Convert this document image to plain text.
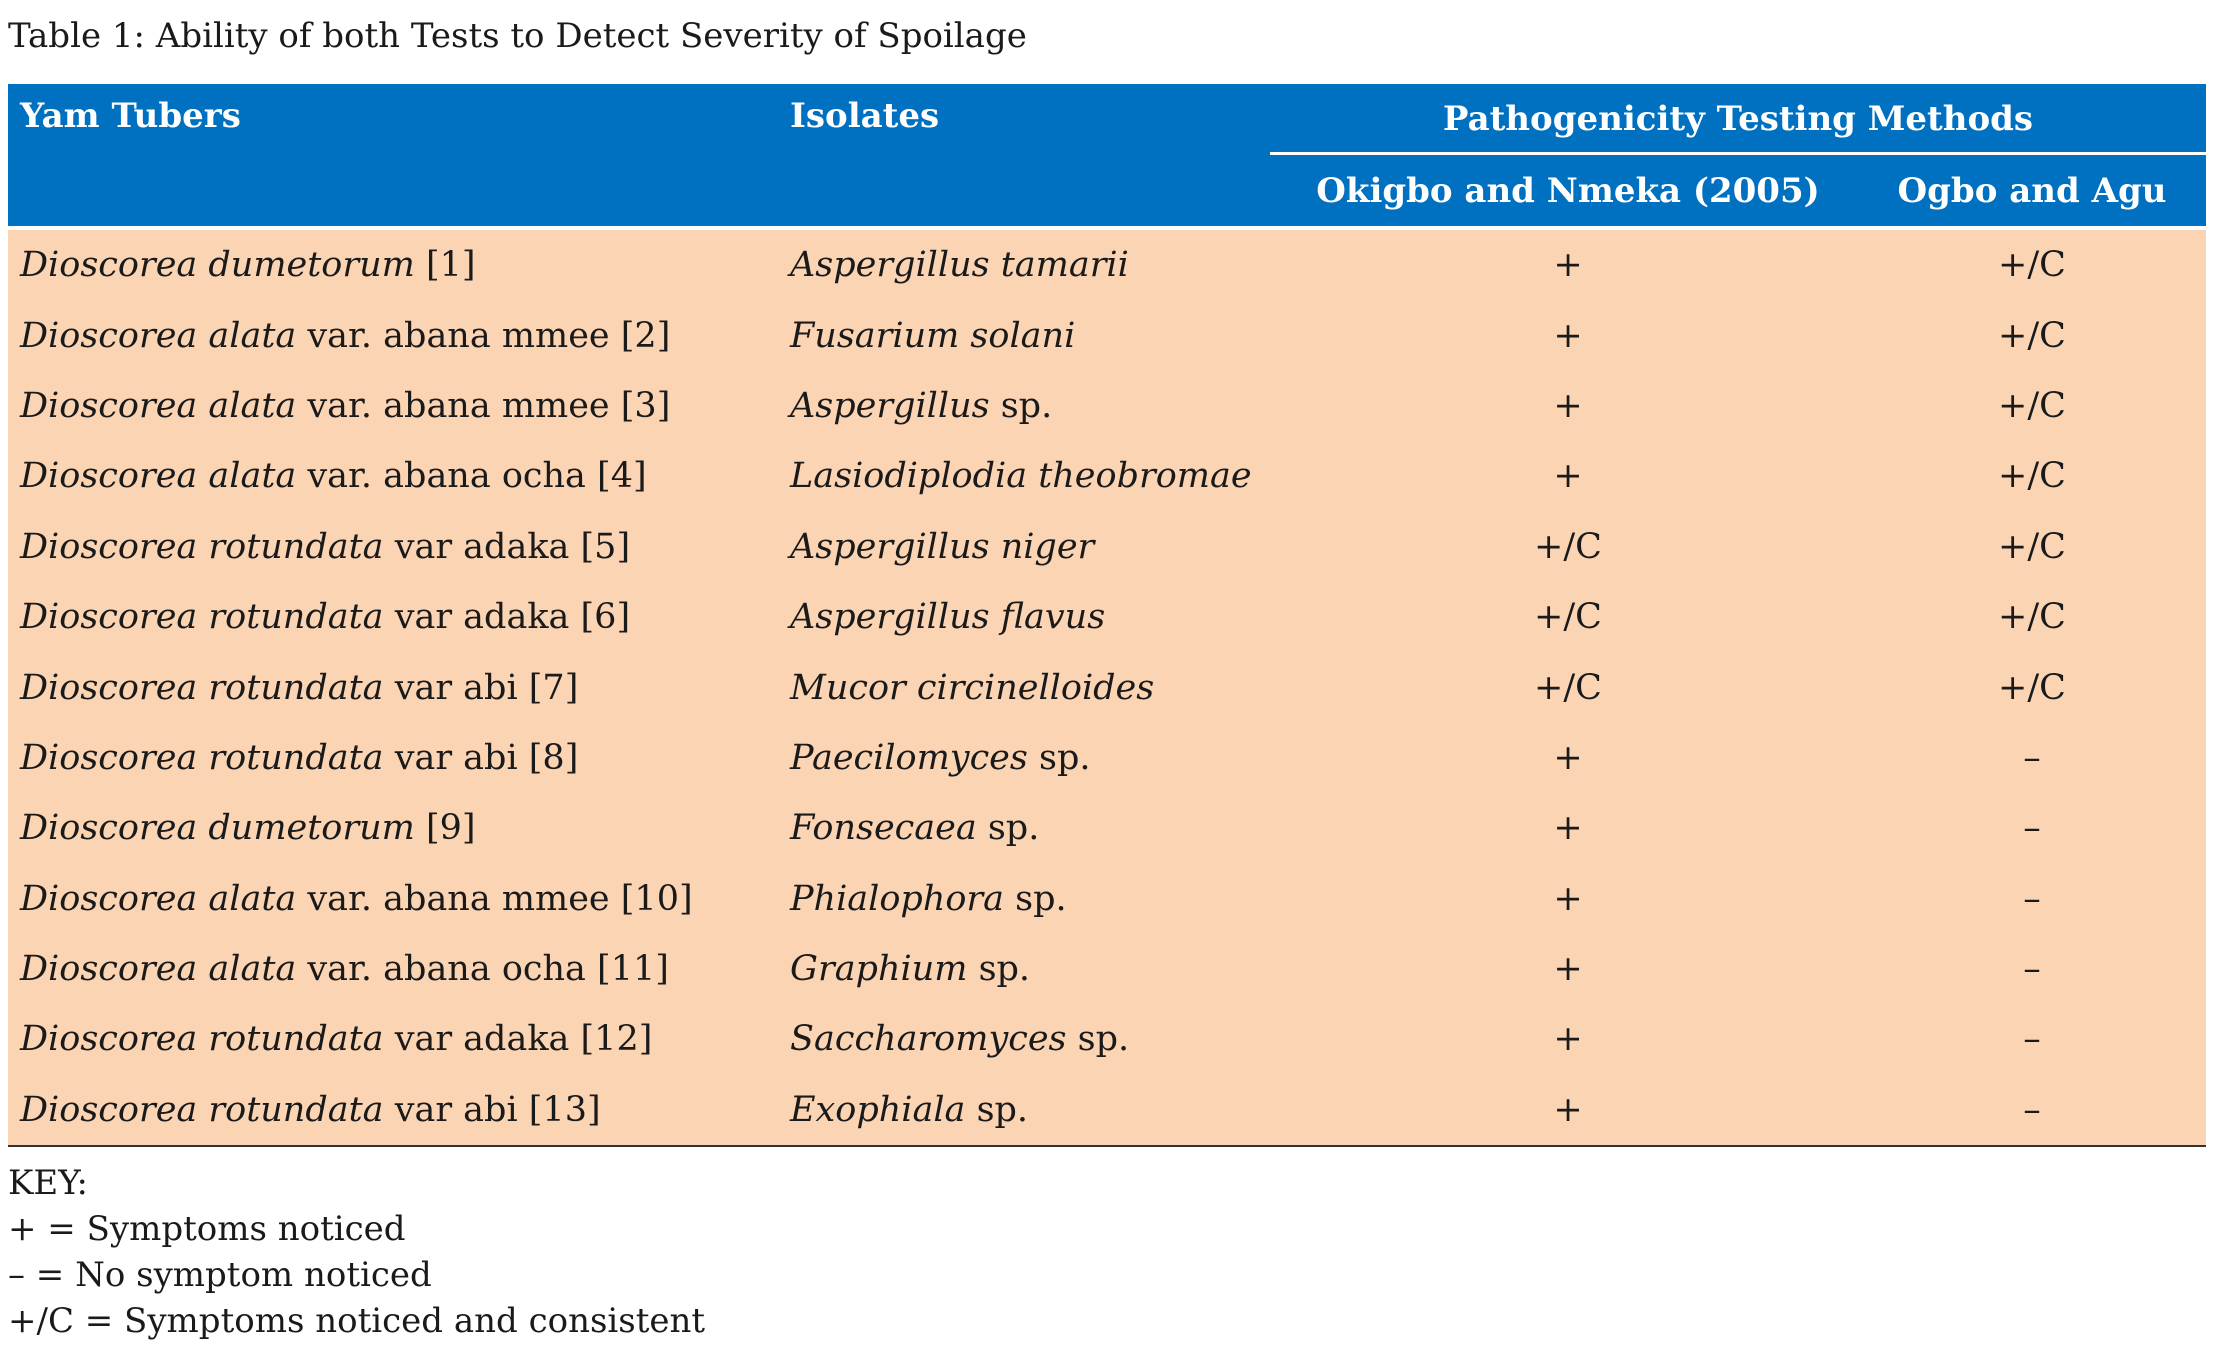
Table 1: Ability of both Tests to Detect Severity of Spoilage
Yam Tubers	Isolates	Pathogenicity Testing Methods	

		Okigbo and Nmeka (2005)	Ogbo and Agu
Dioscorea dumetorum [1]	Aspergillus tamarii	+	+/C
Dioscorea alata var. abana mmee [2]	Fusarium solani	+	+/C
Dioscorea alata var. abana mmee [3]	Aspergillus sp.	+	+/C
Dioscorea alata var. abana ocha [4]	Lasiodiplodia theobromae	+	+/C
Dioscorea rotundata var adaka [5]	Aspergillus niger	+/C	+/C
Dioscorea rotundata var adaka [6]	Aspergillus flavus	+/C	+/C
Dioscorea rotundata var abi [7]	Mucor circinelloides	+/C	+/C
Dioscorea rotundata var abi [8]	Paecilomyces sp.	+	–
Dioscorea dumetorum [9]	Fonsecaea sp.	+	–
Dioscorea alata var. abana mmee [10]	Phialophora sp.	+	–
Dioscorea alata var. abana ocha [11]	Graphium sp.	+	–
Dioscorea rotundata var adaka [12]	Saccharomyces sp.	+	–
Dioscorea rotundata var abi [13]	Exophiala sp.	+	–
KEY:
+ = Symptoms noticed
– = No symptom noticed
+/C = Symptoms noticed and consistent
